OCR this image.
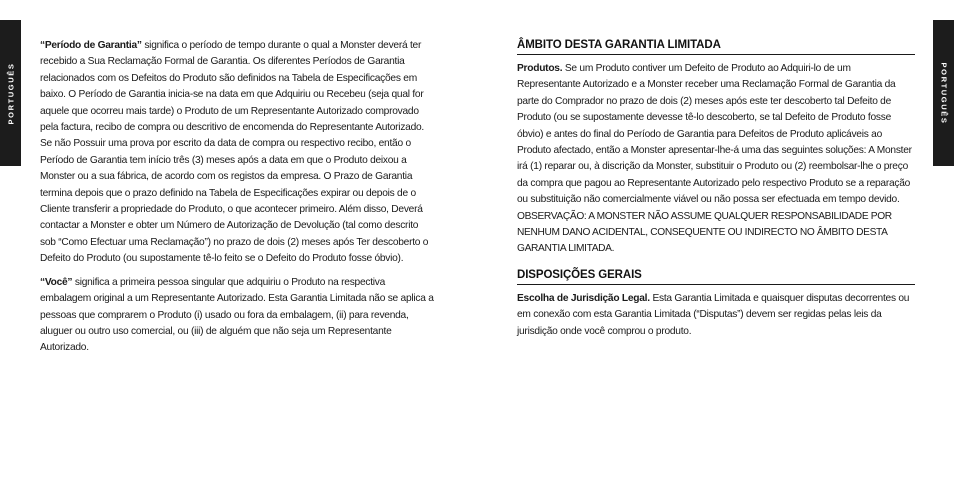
PORTUGUÊS

“Período de Garantia” significa o período de tempo durante o qual a Monster deverá ter recebido a Sua Reclamação Formal de Garantia. Os diferentes Períodos de Garantia relacionados com os Defeitos do Produto são definidos na Tabela de Especificações em baixo. O Período de Garantia inicia-se na data em que Adquiriu ou Recebeu (seja qual for aquele que ocorreu mais tarde) o Produto de um Representante Autorizado comprovado pela factura, recibo de compra ou descritivo de encomenda do Representante Autorizado. Se não Possuir uma prova por escrito da data de compra ou respectivo recibo, então o Período de Garantia tem início três (3) meses após a data em que o Produto deixou a Monster ou a sua fábrica, de acordo com os registos da empresa. O Prazo de Garantia termina depois que o prazo definido na Tabela de Especificações expirar ou depois de o Cliente transferir a propriedade do Produto, o que acontecer primeiro. Além disso, Deverá contactar a Monster e obter um Número de Autorização de Devolução (tal como descrito sob “Como Efectuar uma Reclamação”) no prazo de dois (2) meses após Ter descoberto o Defeito do Produto (ou supostamente tê-lo feito se o Defeito do Produto fosse óbvio).

“Você” significa a primeira pessoa singular que adquiriu o Produto na respectiva embalagem original a um Representante Autorizado. Esta Garantia Limitada não se aplica a pessoas que comprarem o Produto (i) usado ou fora da embalagem, (ii) para revenda, aluguer ou outro uso comercial, ou (iii) de alguém que não seja um Representante Autorizado.

PORTUGUÊS
ÂMBITO DESTA GARANTIA LIMITADA

Produtos. Se um Produto contiver um Defeito de Produto ao Adquiri-lo de um Representante Autorizado e a Monster receber uma Reclamação Formal de Garantia da parte do Comprador no prazo de dois (2) meses após este ter descoberto tal Defeito de Produto (ou se supostamente devesse tê-lo descoberto, se tal Defeito de Produto fosse óbvio) e antes do final do Período de Garantia para Defeitos de Produto aplicáveis ao Produto afectado, então a Monster apresentar-lhe-á uma das seguintes soluções: A Monster irá (1) reparar ou, à discrição da Monster, substituir o Produto ou (2) reembolsar-lhe o preço da compra que pagou ao Representante Autorizado pelo respectivo Produto se a reparação ou substituição não comercialmente viável ou não possa ser efectuada em tempo devido. OBSERVAÇÃO: A MONSTER NÃO ASSUME QUALQUER RESPONSABILIDADE POR NENHUM DANO ACIDENTAL, CONSEQUENTE OU INDIRECTO NO ÂMBITO DESTA GARANTIA LIMITADA.

DISPOSIÇÕES GERAIS

Escolha de Jurisdição Legal. Esta Garantia Limitada e quaisquer disputas decorrentes ou em conexão com esta Garantia Limitada (“Disputas”) devem ser regidas pelas leis da jurisdição onde você comprou o produto.
